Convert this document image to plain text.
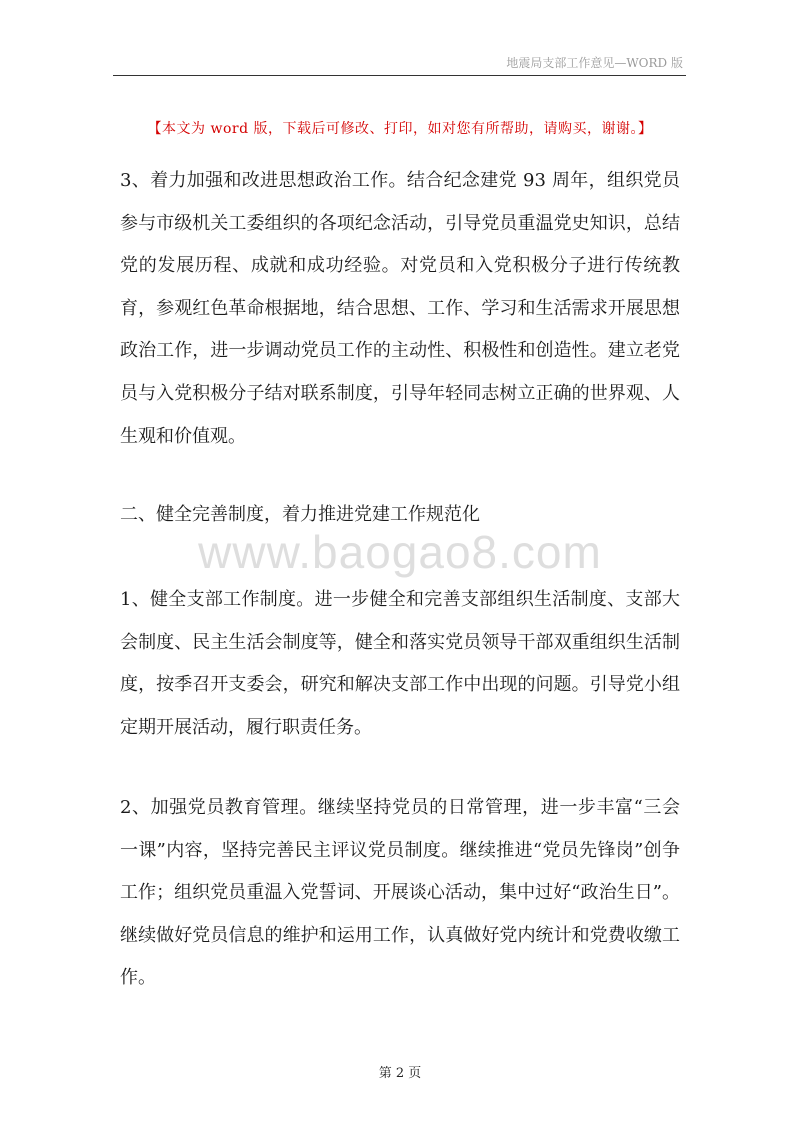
地震局支部工作意见—WORD 版
【本文为 word 版，下载后可修改、打印，如对您有所帮助，请购买，谢谢。】

3、着力加强和改进思想政治工作。结合纪念建党 93 周年，组织党员参与市级机关工委组织的各项纪念活动，引导党员重温党史知识，总结党的发展历程、成就和成功经验。对党员和入党积极分子进行传统教育，参观红色革命根据地，结合思想、工作、学习和生活需求开展思想政治工作，进一步调动党员工作的主动性、积极性和创造性。建立老党员与入党积极分子结对联系制度，引导年轻同志树立正确的世界观、人生观和价值观。

二、健全完善制度，着力推进党建工作规范化

www.baogao8.com

1、健全支部工作制度。进一步健全和完善支部组织生活制度、支部大会制度、民主生活会制度等，健全和落实党员领导干部双重组织生活制度，按季召开支委会，研究和解决支部工作中出现的问题。引导党小组定期开展活动，履行职责任务。

2、加强党员教育管理。继续坚持党员的日常管理，进一步丰富“三会一课”内容，坚持完善民主评议党员制度。继续推进“党员先锋岗”创争工作；组织党员重温入党誓词、开展谈心活动，集中过好“政治生日”。继续做好党员信息的维护和运用工作，认真做好党内统计和党费收缴工作。

第 2 页
